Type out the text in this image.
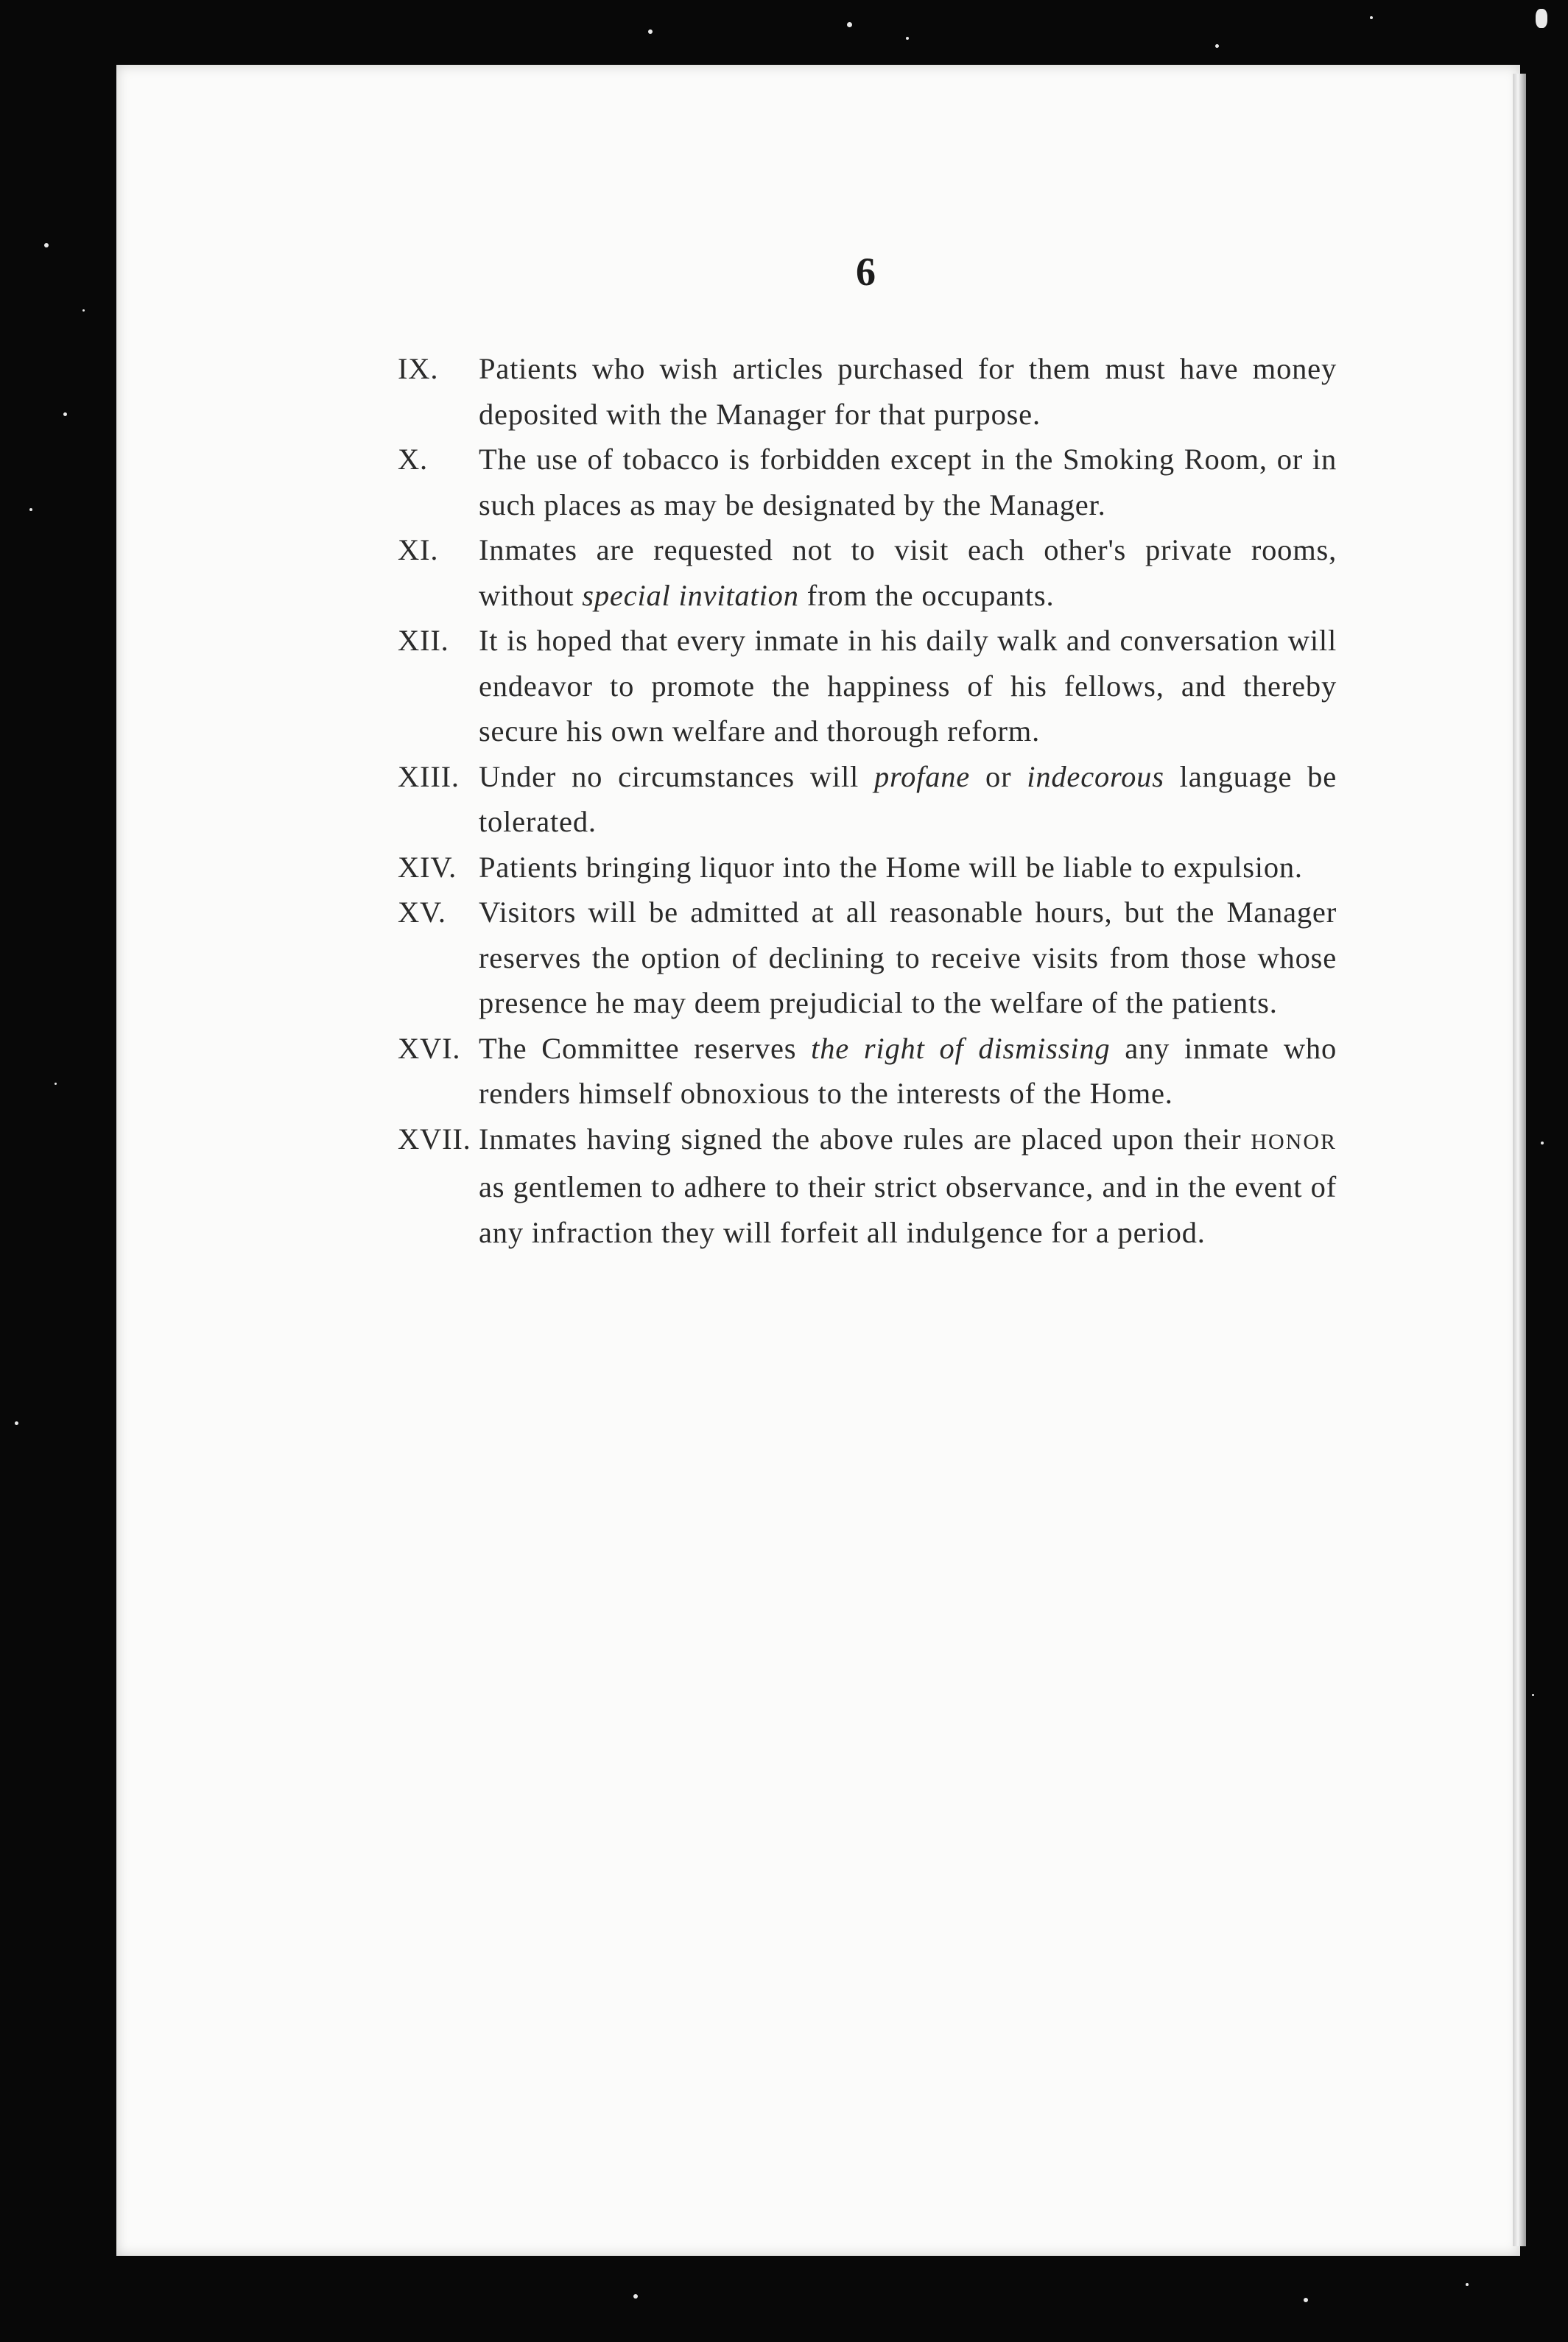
6
IX.	Patients who wish articles purchased for them must have money deposited with the Manager for that purpose.
X.	The use of tobacco is forbidden except in the Smoking Room, or in such places as may be designated by the Manager.
XI.	Inmates are requested not to visit each other's private rooms, without special invitation from the occupants.
XII. It is hoped that every inmate in his daily walk and conversation will endeavor to promote the happiness of his fellows, and thereby secure his own welfare and thorough reform.
XIII. Under no circumstances will profane or indecorous language be tolerated.
XIV. Patients bringing liquor into the Home will be liable to expulsion.
XV.	Visitors will be admitted at all reasonable hours, but the Manager reserves the option of declining to receive visits from those whose presence he may deem prejudicial to the welfare of the patients.
XVI. The Committee reserves the right of dismissing any inmate who renders himself obnoxious to the interests of the Home.
XVII. Inmates having signed the above rules are placed upon their HONOR as gentlemen to adhere to their strict observance, and in the event of any infraction they will forfeit all indulgence for a period.
